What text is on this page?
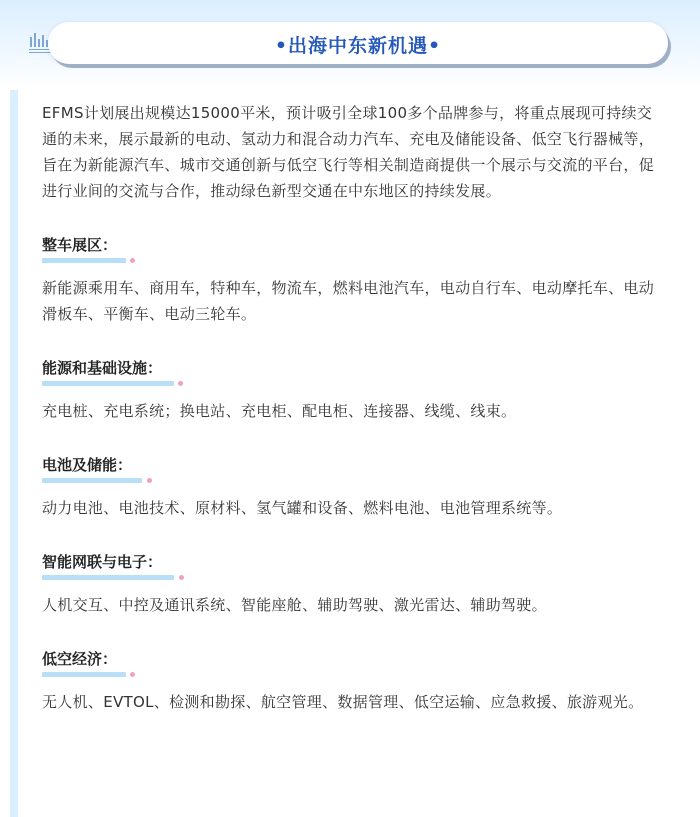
•出海中东新机遇•

EFMS计划展出规模达15000平米，预计吸引全球100多个品牌参与，将重点展现可持续交通的未来，展示最新的电动、氢动力和混合动力汽车、充电及储能设备、低空飞行器械等，旨在为新能源汽车、城市交通创新与低空飞行等相关制造商提供一个展示与交流的平台，促进行业间的交流与合作，推动绿色新型交通在中东地区的持续发展。

整车展区：

新能源乘用车、商用车，特种车，物流车，燃料电池汽车，电动自行车、电动摩托车、电动滑板车、平衡车、电动三轮车。

能源和基础设施：

充电桩、充电系统；换电站、充电柜、配电柜、连接器、线缆、线束。

电池及储能：

动力电池、电池技术、原材料、氢气罐和设备、燃料电池、电池管理系统等。

智能网联与电子：

人机交互、中控及通讯系统、智能座舱、辅助驾驶、激光雷达、辅助驾驶。

低空经济：

无人机、EVTOL、检测和勘探、航空管理、数据管理、低空运输、应急救援、旅游观光。
